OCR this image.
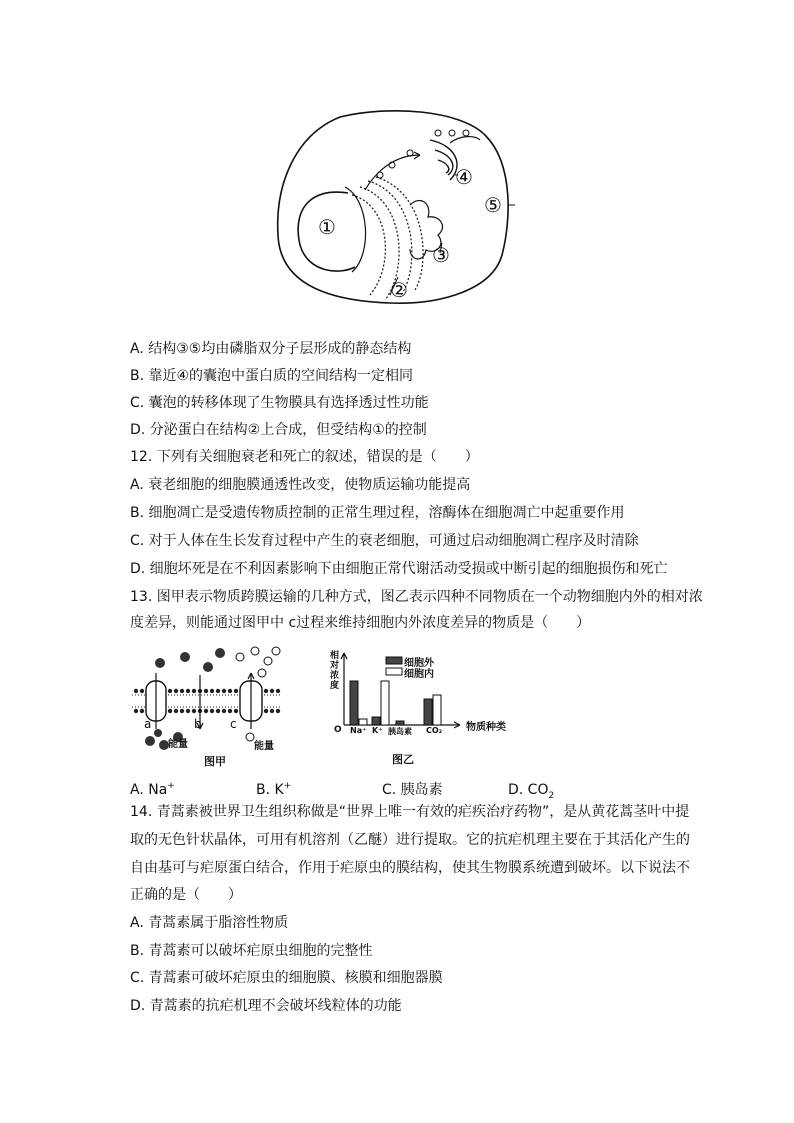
①
②
③
④
⑤
A. 结构③⑤均由磷脂双分子层形成的静态结构
B. 靠近④的囊泡中蛋白质的空间结构一定相同
C. 囊泡的转移体现了生物膜具有选择透过性功能
D. 分泌蛋白在结构②上合成，但受结构①的控制
12. 下列有关细胞衰老和死亡的叙述，错误的是（　　）
A. 衰老细胞的细胞膜通透性改变，使物质运输功能提高
B. 细胞凋亡是受遗传物质控制的正常生理过程，溶酶体在细胞凋亡中起重要作用
C. 对于人体在生长发育过程中产生的衰老细胞，可通过启动细胞凋亡程序及时清除
D. 细胞坏死是在不利因素影响下由细胞正常代谢活动受损或中断引起的细胞损伤和死亡
13. 图甲表示物质跨膜运输的几种方式，图乙表示四种不同物质在一个动物细胞内外的相对浓
度差异，则能通过图甲中 c过程来维持细胞内外浓度差异的物质是（　　）
a	b c
能量	能量
图甲
相对浓度
细胞外
细胞内
O Na⁺ K⁺ 胰岛素 CO₂ 物质种类
图乙
A. Na+	B. K+	C. 胰岛素	D. $CO_2$
14. 青蒿素被世界卫生组织称做是“世界上唯一有效的疟疾治疗药物”，是从黄花蒿茎叶中提
取的无色针状晶体，可用有机溶剂（乙醚）进行提取。它的抗疟机理主要在于其活化产生的
自由基可与疟原蛋白结合，作用于疟原虫的膜结构，使其生物膜系统遭到破坏。以下说法不
正确的是（　　）
A. 青蒿素属于脂溶性物质
B. 青蒿素可以破坏疟原虫细胞的完整性
C. 青蒿素可破坏疟原虫的细胞膜、核膜和细胞器膜
D. 青蒿素的抗疟机理不会破坏线粒体的功能
